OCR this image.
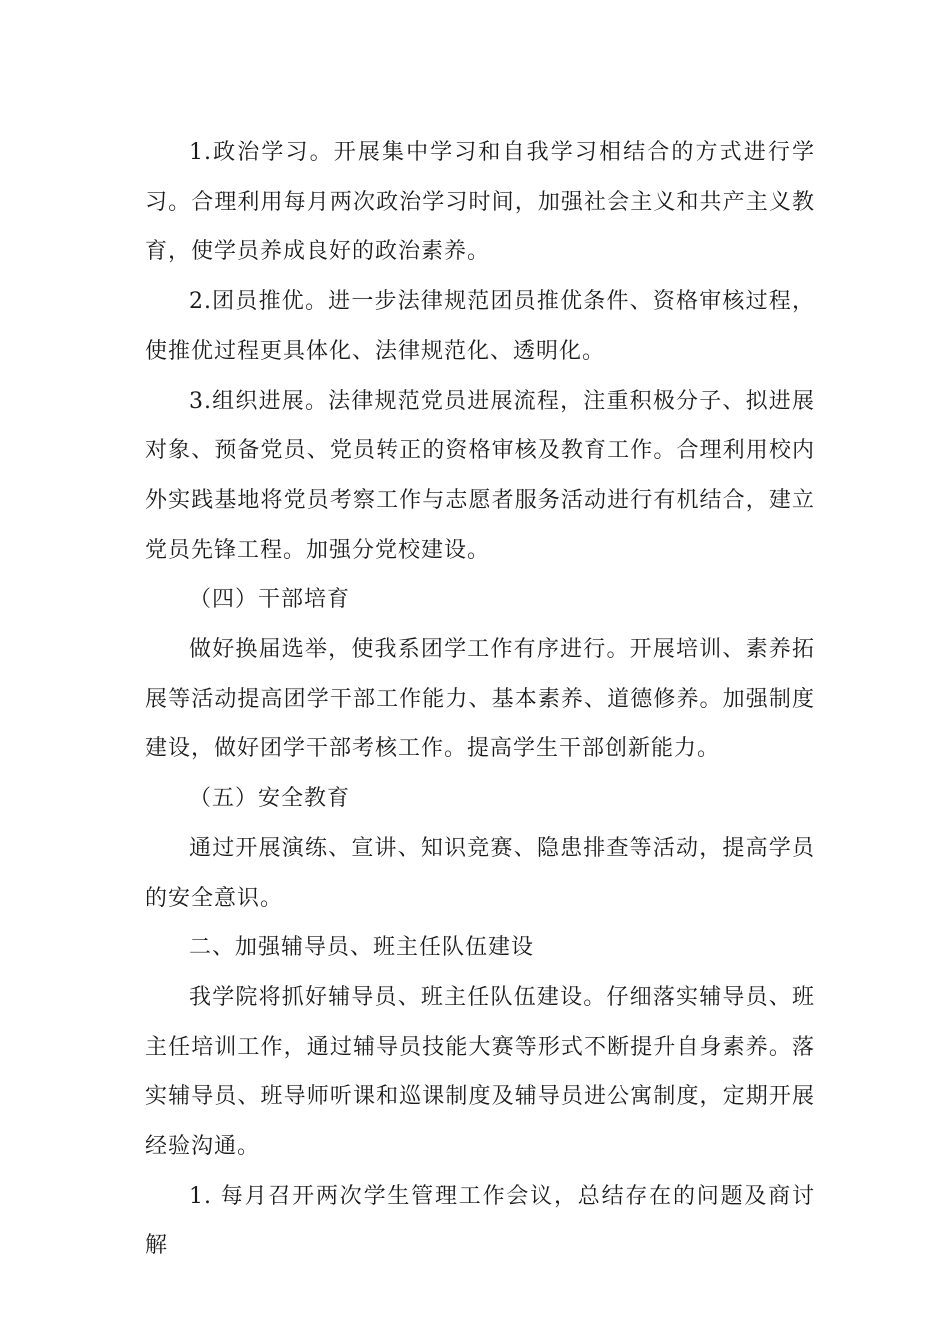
1.政治学习。开展集中学习和自我学习相结合的方式进行学习。合理利用每月两次政治学习时间，加强社会主义和共产主义教育，使学员养成良好的政治素养。

2.团员推优。进一步法律规范团员推优条件、资格审核过程，使推优过程更具体化、法律规范化、透明化。

3.组织进展。法律规范党员进展流程，注重积极分子、拟进展对象、预备党员、党员转正的资格审核及教育工作。合理利用校内外实践基地将党员考察工作与志愿者服务活动进行有机结合，建立党员先锋工程。加强分党校建设。

（四）干部培育

做好换届选举，使我系团学工作有序进行。开展培训、素养拓展等活动提高团学干部工作能力、基本素养、道德修养。加强制度建设，做好团学干部考核工作。提高学生干部创新能力。

（五）安全教育

通过开展演练、宣讲、知识竞赛、隐患排查等活动，提高学员的安全意识。

二、加强辅导员、班主任队伍建设

我学院将抓好辅导员、班主任队伍建设。仔细落实辅导员、班主任培训工作，通过辅导员技能大赛等形式不断提升自身素养。落实辅导员、班导师听课和巡课制度及辅导员进公寓制度，定期开展经验沟通。

1. 每月召开两次学生管理工作会议，总结存在的问题及商讨解
